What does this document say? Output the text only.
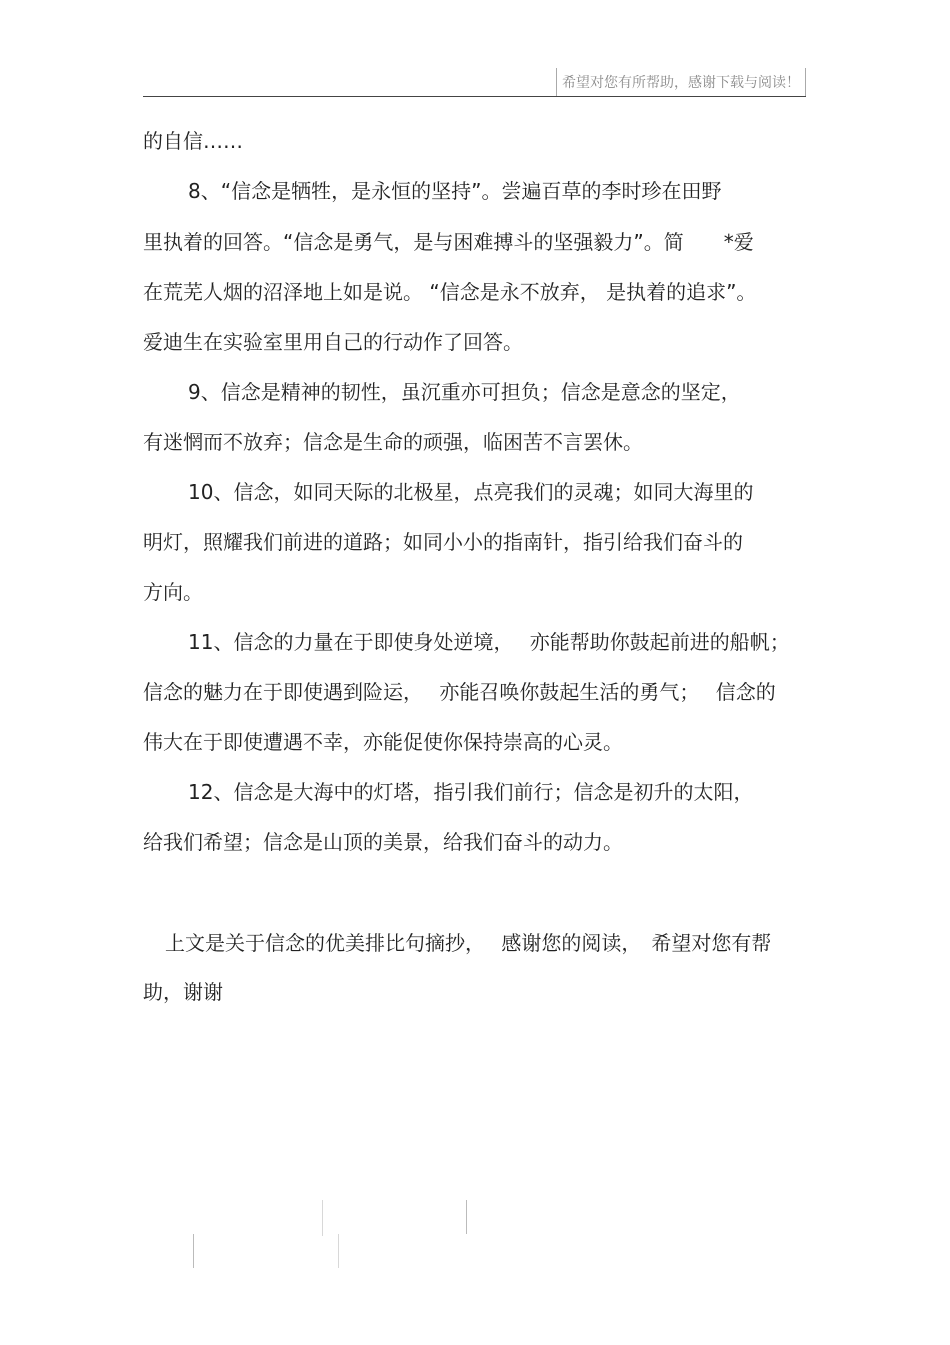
希望对您有所帮助，感谢下载与阅读！
的自信……
8、“信念是牺牲，是永恒的坚持”。尝遍百草的李时珍在田野
里执着的回答。“信念是勇气，是与困难搏斗的坚强毅力”。简　　*爱
在荒芜人烟的沼泽地上如是说。 “信念是永不放弃， 是执着的追求”。
爱迪生在实验室里用自己的行动作了回答。
9、信念是精神的韧性，虽沉重亦可担负；信念是意念的坚定，
有迷惘而不放弃；信念是生命的顽强，临困苦不言罢休。
10、信念，如同天际的北极星，点亮我们的灵魂；如同大海里的
明灯，照耀我们前进的道路；如同小小的指南针，指引给我们奋斗的
方向。
11、信念的力量在于即使身处逆境，　 亦能帮助你鼓起前进的船帆；
信念的魅力在于即使遇到险运，　 亦能召唤你鼓起生活的勇气；　 信念的
伟大在于即使遭遇不幸，亦能促使你保持崇高的心灵。
12、信念是大海中的灯塔，指引我们前行；信念是初升的太阳，
给我们希望；信念是山顶的美景，给我们奋斗的动力。
上文是关于信念的优美排比句摘抄，　 感谢您的阅读，　希望对您有帮
助，谢谢
